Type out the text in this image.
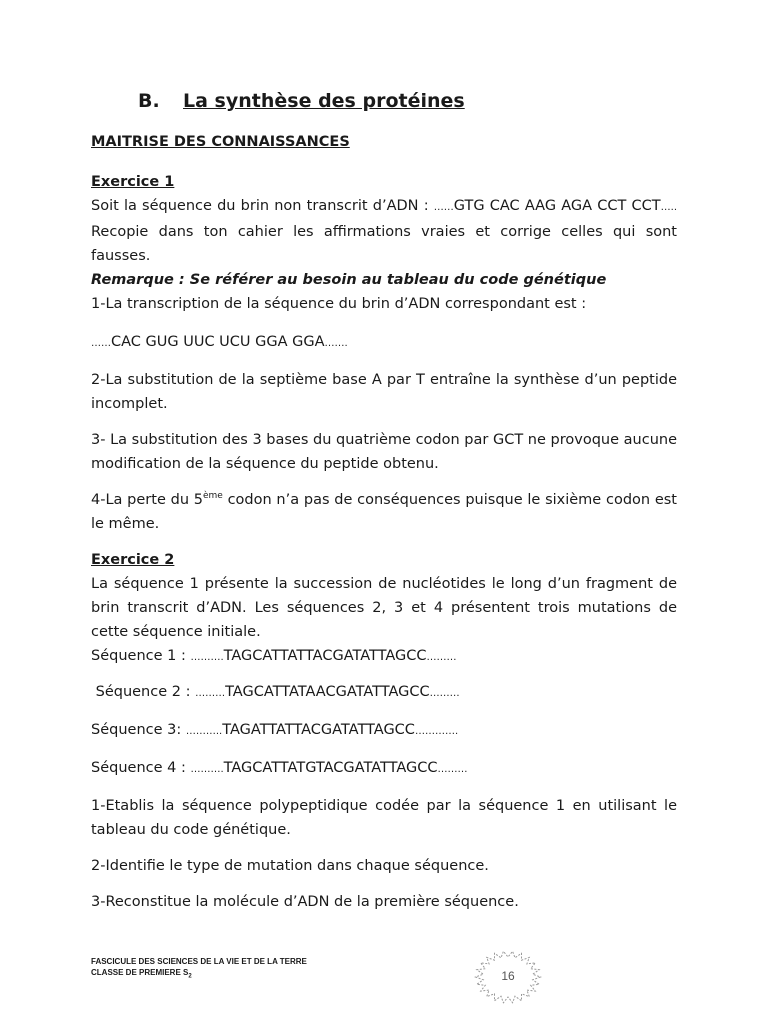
B. La synthèse des protéines

MAITRISE DES CONNAISSANCES

Exercice 1

Soit la séquence du brin non transcrit d’ADN : ……GTG CAC AAG AGA CCT CCT….. Recopie dans ton cahier les affirmations vraies et corrige celles qui sont fausses.

Remarque : Se référer au besoin au tableau du code génétique

1-La transcription de la séquence du brin d’ADN correspondant est :

……CAC GUG UUC UCU GGA GGA…….

2-La substitution de la septième base A par T entraîne la synthèse d’un peptide incomplet.

3- La substitution des 3 bases du quatrième codon par GCT ne provoque aucune modification de la séquence du peptide obtenu.

4-La perte du 5ème codon n’a pas de conséquences puisque le sixième codon est le même.

Exercice 2

La séquence 1 présente la succession de nucléotides le long d’un fragment de brin transcrit d’ADN. Les séquences 2, 3 et 4 présentent trois mutations de cette séquence initiale.

Séquence 1 : ……….TAGCATTATTACGATATTAGCC………

Séquence 2 : ………TAGCATTATAACGATATTAGCC………

Séquence 3: ………..TAGATTATTACGATATTAGCC………….

Séquence 4 : ……….TAGCATTATGTACGATATTAGCC………

1-Etablis la séquence polypeptidique codée par la séquence 1 en utilisant le tableau du code génétique.

2-Identifie le type de mutation dans chaque séquence.

3-Reconstitue la molécule d’ADN de la première séquence.

FASCICULE DES SCIENCES DE LA VIE ET DE LA TERRE
CLASSE DE PREMIERE $S_2$	16
